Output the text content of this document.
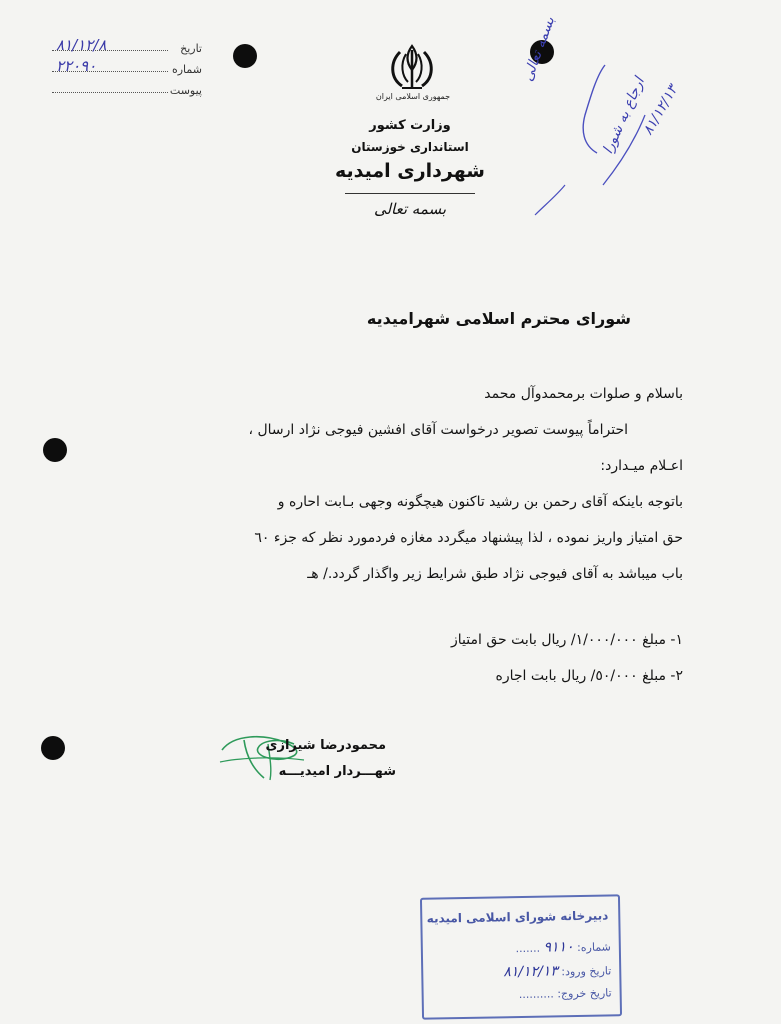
تاریخ
۸۱/۱۲/۸
شماره
۲۲۰۹۰
پیوست	جمهوری اسلامی ایران
وزارت کشور
استانداری خوزستان
شهرداری امیدیه
بسمه تعالی
بسمه تعالی
ارجاع به شورا
۸۱/۱۲/۱۳
شورای محترم اسلامی شهرامیدیه
باسلام و صلوات برمحمدوآل محمد
احتراماً پیوست تصویر درخواست آقای افشین فیوجی نژاد ارسال ،
اعـلام میـدارد:
باتوجه باینکه آقای رحمن بن رشید تاکنون هیچگونه وجهی بـابت احاره و
حق امتیاز واریز نموده ، لذا پیشنهاد میگردد مغازه فردمورد نظر که جزء ٦٠
باب میباشد به آقای فیوجی نژاد طبق شرایط زیر واگذار گردد./ هـ
١- مبلغ ١/٠٠٠/٠٠٠/ ریال بابت حق امتیاز
٢- مبلغ ٥٠/٠٠٠/ ریال بابت اجاره
محمودرضا شیرازی
شهـــردار امیدیـــه
دبیرخانه شورای اسلامی امیدیه
شماره: ۹۱۱۰ .......
تاریخ ورود: ۸۱/۱۲/۱۳
تاریخ خروج: ..........
